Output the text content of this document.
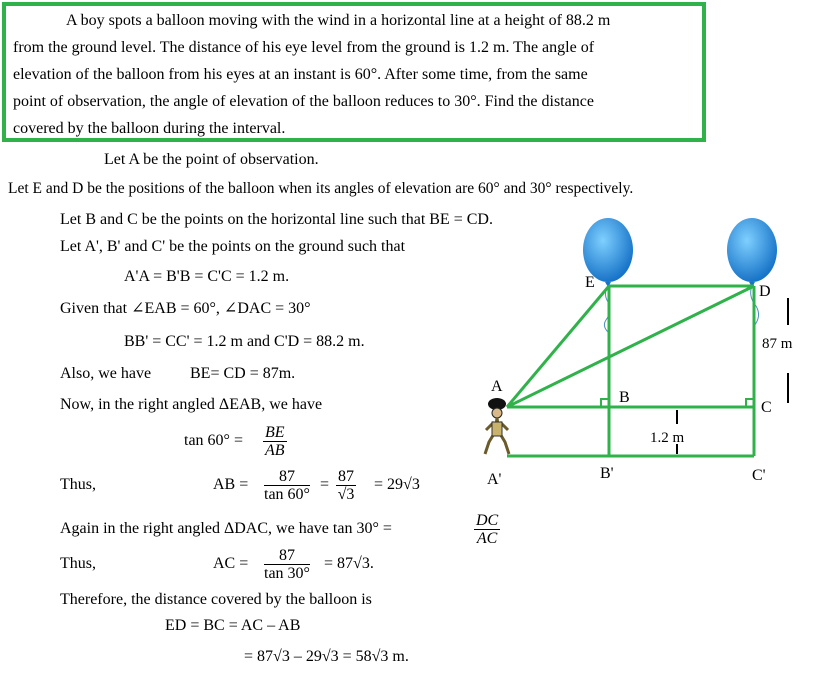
A boy spots a balloon moving with the wind in a horizontal line at a height of 88.2 m
from the ground level. The distance of his eye level from the ground is 1.2 m. The angle of
elevation of the balloon from his eyes at an instant is 60°. After some time, from the same
point of observation, the angle of elevation of the balloon reduces to 30°. Find the distance
covered by the balloon during the interval.
Let A be the point of observation.
Let E and D be the positions of the balloon when its angles of elevation are 60° and 30° respectively.
Let B and C be the points on the horizontal line such that BE = CD.
Let A', B' and C' be the points on the ground such that
A'A = B'B = C'C = 1.2 m.
Given that ∠EAB = 60°, ∠DAC = 30°
BB' = CC' = 1.2 m and C'D = 88.2 m.
Also, we have BE= CD = 87m.
Now, in the right angled ΔEAB, we have
$\tan 60^\circ = \frac{BE}{AB}$
Thus,	AB = $\frac{87}{\tan 60^\circ} = \frac{87}{√3} = 29√3$
Again in the right angled ΔDAC, we have tan 30° =	$\frac{DC}{AC}$
Thus,	AC = $\frac{87}{\tan 30^\circ} = 87√3$.
Therefore, the distance covered by the balloon is
ED = BC = AC – AB
= 87√3 – 29√3 = 58√3 m.
E
D
A
B
C
A'	B'	C'
87 m
1.2 m
